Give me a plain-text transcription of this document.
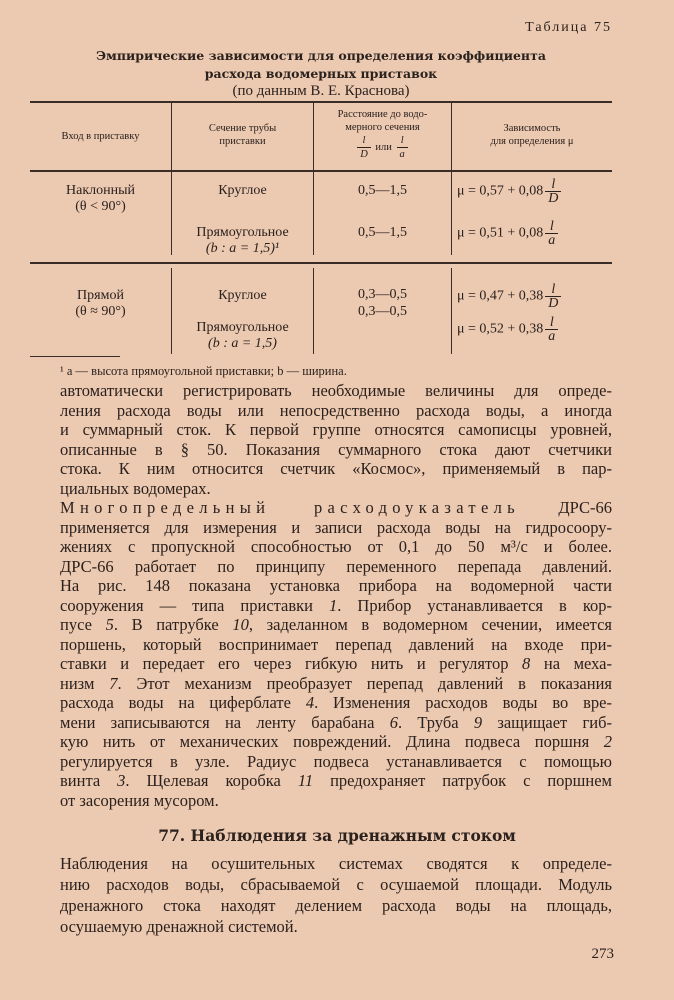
Таблица 75
Эмпирические зависимости для определения коэффициента
расхода водомерных приставок
(по данным В. Е. Краснова)
Вход в приставку
Сечение трубы
приставки
Расстояние до водо-
мерного сечения
$\frac{l}{D}$ или $\frac{l}{a}$
Зависимость
для определения μ
Наклонный
(θ < 90°)
Круглое
Прямоугольное
(b : a = 1,5)¹
0,5—1,5
0,5—1,5
$\mu = 0,57 + 0,08 \frac{l}{D}$
$\mu = 0,51 + 0,08 \frac{l}{a}$
Прямой
(θ ≈ 90°)
Круглое
Прямоугольное
(b : a = 1,5)
0,3—0,5
0,3—0,5
$\mu = 0,47 + 0,38 \frac{l}{D}$
$\mu = 0,52 + 0,38 \frac{l}{a}$
¹ a — высота прямоугольной приставки; b — ширина.
автоматически регистрировать необходимые величины для опреде-
ления расхода воды или непосредственно расхода воды, а иногда
и суммарный сток. К первой группе относятся самописцы уровней,
описанные в § 50. Показания суммарного стока дают счетчики
стока. К ним относится счетчик «Космос», применяемый в пар-
циальных водомерах.
Многопредельный расходоуказатель ДРС-66
применяется для измерения и записи расхода воды на гидросоору-
жениях с пропускной способностью от 0,1 до 50 м³/с и более.
ДРС-66 работает по принципу переменного перепада давлений.
На рис. 148 показана установка прибора на водомерной части
сооружения — типа приставки 1. Прибор устанавливается в кор-
пусе 5. В патрубке 10, заделанном в водомерном сечении, имеется
поршень, который воспринимает перепад давлений на входе при-
ставки и передает его через гибкую нить и регулятор 8 на меха-
низм 7. Этот механизм преобразует перепад давлений в показания
расхода воды на циферблате 4. Изменения расходов воды во вре-
мени записываются на ленту барабана 6. Труба 9 защищает гиб-
кую нить от механических повреждений. Длина подвеса поршня 2
регулируется в узле. Радиус подвеса устанавливается с помощью
винта 3. Щелевая коробка 11 предохраняет патрубок с поршнем
от засорения мусором.
77. Наблюдения за дренажным стоком
Наблюдения на осушительных системах сводятся к определе-
нию расходов воды, сбрасываемой с осушаемой площади. Модуль
дренажного стока находят делением расхода воды на площадь,
осушаемую дренажной системой.
273
